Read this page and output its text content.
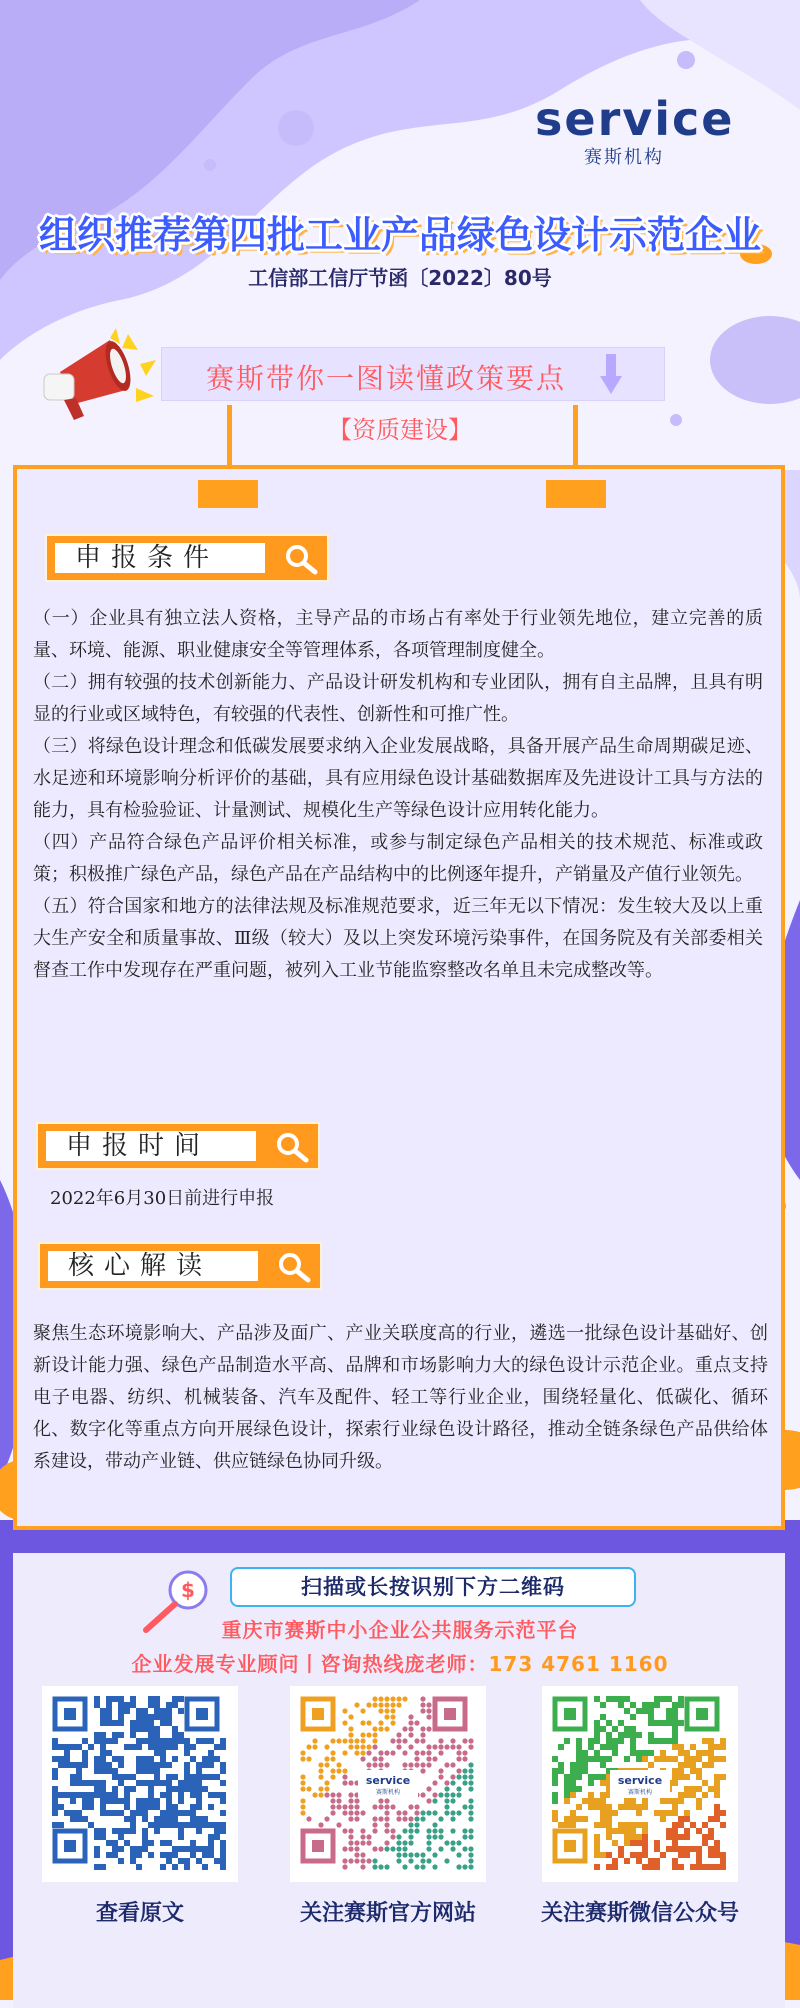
service
赛斯机构
组织推荐第四批工业产品绿色设计示范企业
工信部工信厅节函〔2022〕80号
赛斯带你一图读懂政策要点
【资质建设】
申报条件

（一）企业具有独立法人资格，主导产品的市场占有率处于行业领先地位，建立完善的质量、环境、能源、职业健康安全等管理体系，各项管理制度健全。

（二）拥有较强的技术创新能力、产品设计研发机构和专业团队，拥有自主品牌，且具有明显的行业或区域特色，有较强的代表性、创新性和可推广性。

（三）将绿色设计理念和低碳发展要求纳入企业发展战略，具备开展产品生命周期碳足迹、水足迹和环境影响分析评价的基础，具有应用绿色设计基础数据库及先进设计工具与方法的能力，具有检验验证、计量测试、规模化生产等绿色设计应用转化能力。

（四）产品符合绿色产品评价相关标准，或参与制定绿色产品相关的技术规范、标准或政策；积极推广绿色产品，绿色产品在产品结构中的比例逐年提升，产销量及产值行业领先。

（五）符合国家和地方的法律法规及标准规范要求，近三年无以下情况：发生较大及以上重大生产安全和质量事故、Ⅲ级（较大）及以上突发环境污染事件，在国务院及有关部委相关督查工作中发现存在严重问题，被列入工业节能监察整改名单且未完成整改等。

申报时间

2022年6月30日前进行申报

核心解读

聚焦生态环境影响大、产品涉及面广、产业关联度高的行业，遴选一批绿色设计基础好、创新设计能力强、绿色产品制造水平高、品牌和市场影响力大的绿色设计示范企业。重点支持电子电器、纺织、机械装备、汽车及配件、轻工等行业企业，围绕轻量化、低碳化、循环化、数字化等重点方向开展绿色设计，探索行业绿色设计路径，推动全链条绿色产品供给体系建设，带动产业链、供应链绿色协同升级。

$	扫描或长按识别下方二维码
重庆市赛斯中小企业公共服务示范平台
企业发展专业顾问丨咨询热线庞老师：173 4761 1160
service
赛斯机构
service
赛斯机构
查看原文	关注赛斯官方网站	关注赛斯微信公众号
